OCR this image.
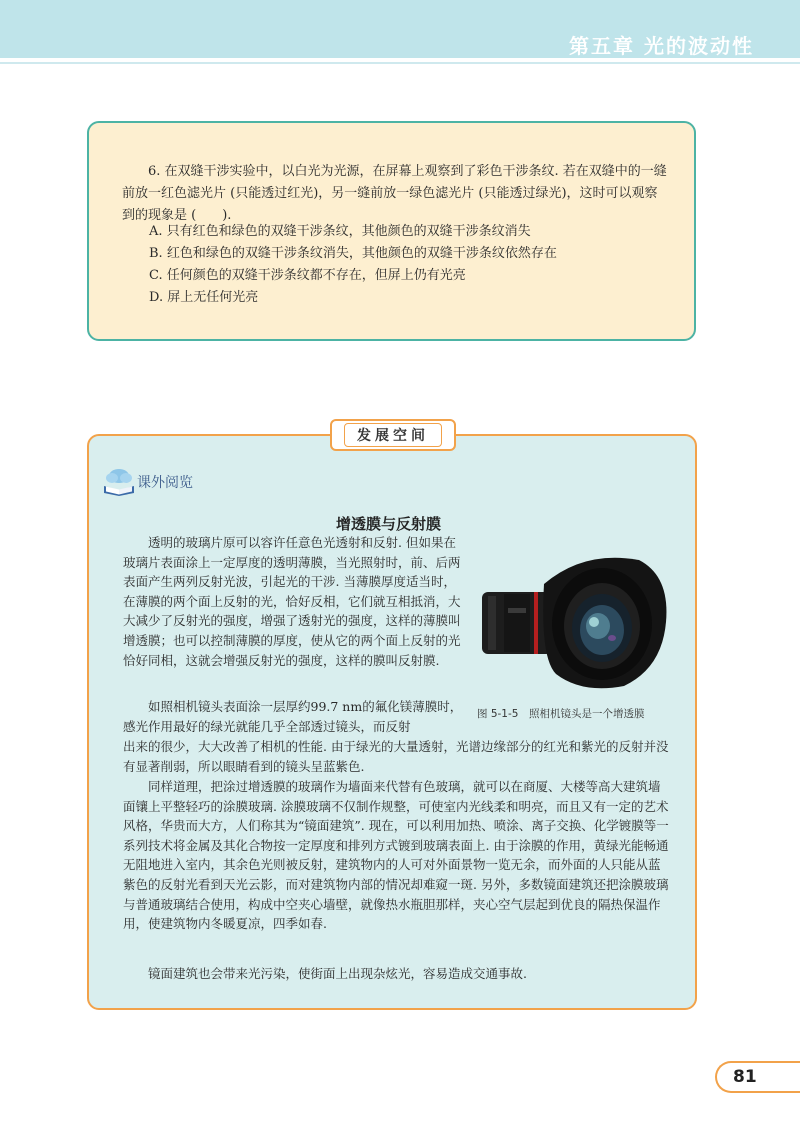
第五章 光的波动性
6. 在双缝干涉实验中，以白光为光源，在屏幕上观察到了彩色干涉条纹. 若在双缝中的一缝前放一红色滤光片 (只能透过红光)，另一缝前放一绿色滤光片 (只能透过绿光)，这时可以观察到的现象是 (　　).
A. 只有红色和绿色的双缝干涉条纹，其他颜色的双缝干涉条纹消失
B. 红色和绿色的双缝干涉条纹消失，其他颜色的双缝干涉条纹依然存在
C. 任何颜色的双缝干涉条纹都不存在，但屏上仍有光亮
D. 屏上无任何光亮
发展空间
课外阅览
增透膜与反射膜
透明的玻璃片原可以容许任意色光透射和反射. 但如果在玻璃片表面涂上一定厚度的透明薄膜，当光照射时，前、后两表面产生两列反射光波，引起光的干涉. 当薄膜厚度适当时，在薄膜的两个面上反射的光，恰好反相，它们就互相抵消，大大减少了反射光的强度，增强了透射光的强度，这样的薄膜叫增透膜；也可以控制薄膜的厚度，使从它的两个面上反射的光恰好同相，这就会增强反射光的强度，这样的膜叫反射膜.
如照相机镜头表面涂一层厚约99.7 nm的氟化镁薄膜时，感光作用最好的绿光就能几乎全部透过镜头，而反射
图 5-1-5　照相机镜头是一个增透膜
出来的很少，大大改善了相机的性能. 由于绿光的大量透射，光谱边缘部分的红光和紫光的反射并没有显著削弱，所以眼睛看到的镜头呈蓝紫色.
同样道理，把涂过增透膜的玻璃作为墙面来代替有色玻璃，就可以在商厦、大楼等高大建筑墙面镶上平整轻巧的涂膜玻璃. 涂膜玻璃不仅制作规整，可使室内光线柔和明亮，而且又有一定的艺术风格，华贵而大方，人们称其为“镜面建筑”. 现在，可以利用加热、喷涂、离子交换、化学镀膜等一系列技术将金属及其化合物按一定厚度和排列方式镀到玻璃表面上. 由于涂膜的作用，黄绿光能畅通无阻地进入室内，其余色光则被反射，建筑物内的人可对外面景物一览无余，而外面的人只能从蓝紫色的反射光看到天光云影，而对建筑物内部的情况却难窥一斑. 另外，多数镜面建筑还把涂膜玻璃与普通玻璃结合使用，构成中空夹心墙壁，就像热水瓶胆那样，夹心空气层起到优良的隔热保温作用，使建筑物内冬暖夏凉，四季如春.
镜面建筑也会带来光污染，使街面上出现杂炫光，容易造成交通事故.
81
